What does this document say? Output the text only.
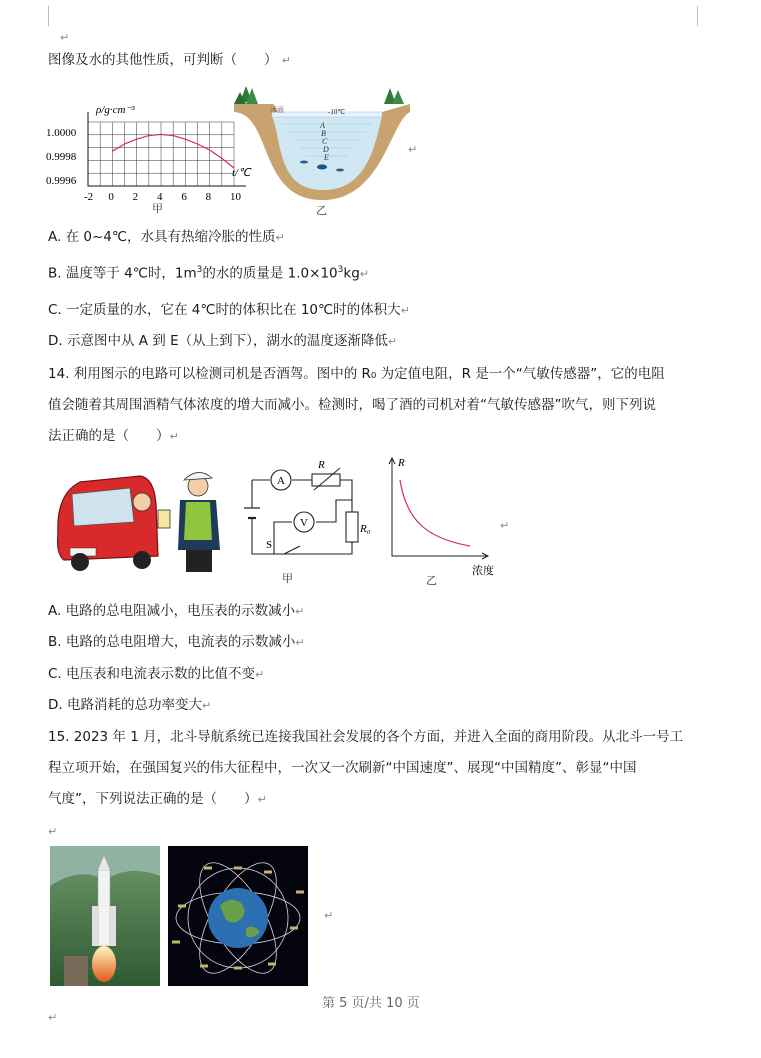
↵
图像及水的其他性质，可判断（　　） ↵
1.0000
0.9998
0.9996
-2 0 2 4 6 8 10
ρ/g·cm⁻³
t/℃
甲
冰面	-10℃
A
B
C
D
E
乙
↵
A. 在 0~4℃，水具有热缩冷胀的性质↵
B. 温度等于 4℃时，$1m^3$的水的质量是 $1.0\times 10^3kg↵$
C. 一定质量的水，它在 4℃时的体积比在 10℃时的体积大↵
D. 示意图中从 A 到 E（从上到下），湖水的温度逐渐降低↵
14. 利用图示的电路可以检测司机是否酒驾。图中的 R₀ 为定值电阻，R 是一个“气敏传感器”，它的电阻
值会随着其周围酒精气体浓度的增大而减小。检测时，喝了酒的司机对着“气敏传感器”吹气，则下列说
法正确的是（　　）↵
A
R
V	R₀
S
甲
R
浓度
乙
↵
A. 电路的总电阻减小，电压表的示数减小↵
B. 电路的总电阻增大，电流表的示数减小↵
C. 电压表和电流表示数的比值不变↵
D. 电路消耗的总功率变大↵
15. 2023 年 1 月，北斗导航系统已连接我国社会发展的各个方面，并进入全面的商用阶段。从北斗一号工
程立项开始，在强国复兴的伟大征程中，一次又一次刷新“中国速度”、展现“中国精度”、彰显“中国
气度”，下列说法正确的是（　　）↵
↵
↵
第 5 页/共 10 页
↵
